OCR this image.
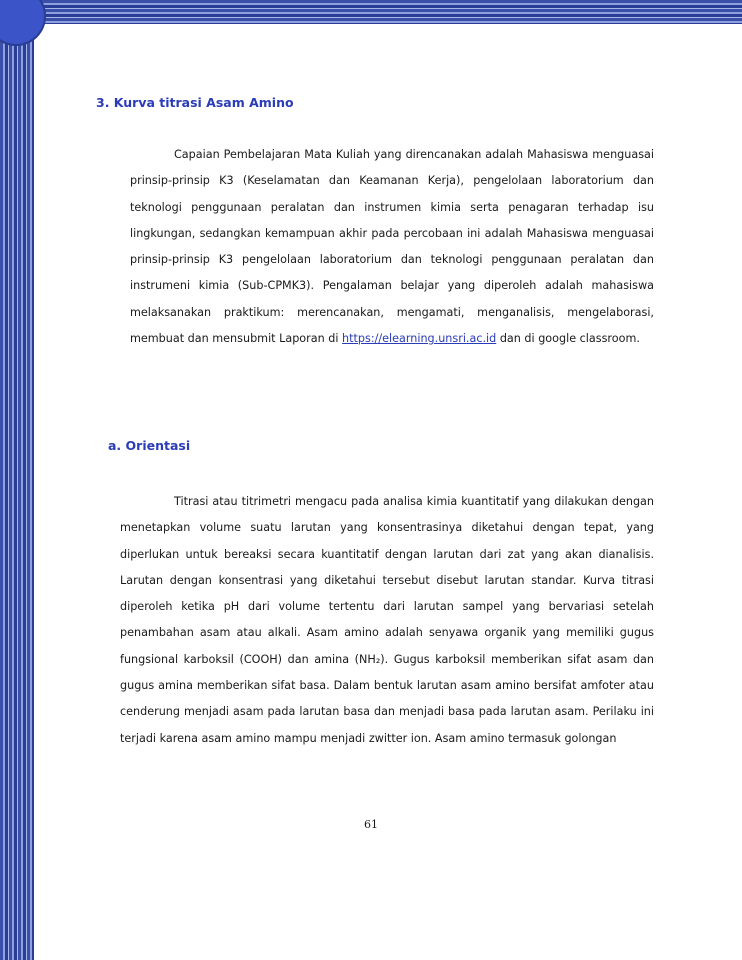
3. Kurva titrasi Asam Amino
Capaian Pembelajaran Mata Kuliah yang direncanakan adalah Mahasiswa menguasai prinsip-prinsip K3 (Keselamatan dan Keamanan Kerja), pengelolaan laboratorium dan teknologi penggunaan peralatan dan instrumen kimia serta penagaran terhadap isu lingkungan, sedangkan kemampuan akhir pada percobaan ini adalah Mahasiswa menguasai prinsip-prinsip K3 pengelolaan laboratorium dan teknologi penggunaan peralatan dan instrumeni kimia (Sub-CPMK3). Pengalaman belajar yang diperoleh adalah mahasiswa melaksanakan praktikum: merencanakan, mengamati, menganalisis, mengelaborasi, membuat dan mensubmit Laporan di https://elearning.unsri.ac.id dan di google classroom.
a. Orientasi
Titrasi atau titrimetri mengacu pada analisa kimia kuantitatif yang dilakukan dengan menetapkan volume suatu larutan yang konsentrasinya diketahui dengan tepat, yang diperlukan untuk bereaksi secara kuantitatif dengan larutan dari zat yang akan dianalisis. Larutan dengan konsentrasi yang diketahui tersebut disebut larutan standar. Kurva titrasi diperoleh ketika pH dari volume tertentu dari larutan sampel yang bervariasi setelah penambahan asam atau alkali. Asam amino adalah senyawa organik yang memiliki gugus fungsional karboksil (COOH) dan amina (NH₂). Gugus karboksil memberikan sifat asam dan gugus amina memberikan sifat basa. Dalam bentuk larutan asam amino bersifat amfoter atau cenderung menjadi asam pada larutan basa dan menjadi basa pada larutan asam. Perilaku ini terjadi karena asam amino mampu menjadi zwitter ion. Asam amino termasuk golongan
61
